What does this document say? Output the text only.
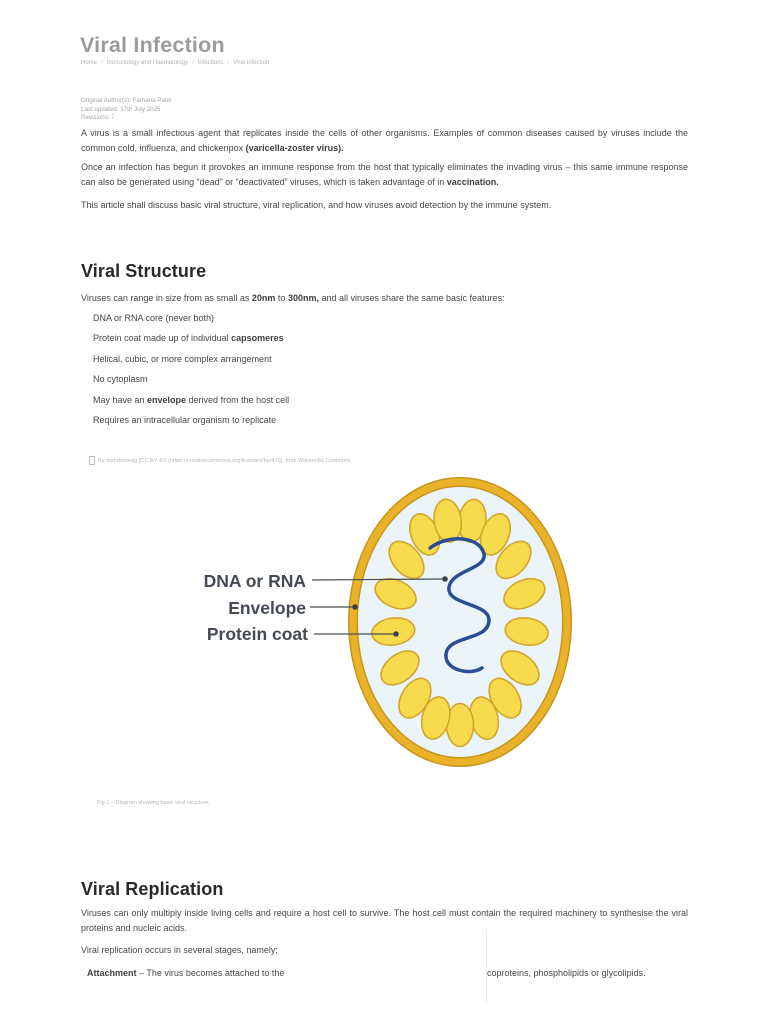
Viral Infection
Home / Immunology and Haematology / Infections / Viral Infection
Original Author(s): Farhana Patel
Last updated: 17th July 2025
Revisions: 7

A virus is a small infectious agent that replicates inside the cells of other organisms. Examples of common diseases caused by viruses include the common cold, influenza, and chickenpox (varicella-zoster virus).

Once an infection has begun it provokes an immune response from the host that typically eliminates the invading virus – this same immune response can also be generated using “dead” or “deactivated” viruses, which is taken advantage of in vaccination.

This article shall discuss basic viral structure, viral replication, and how viruses avoid detection by the immune system.

Viral Structure

Viruses can range in size from as small as 20nm to 300nm, and all viruses share the same basic features:

DNA or RNA core (never both)
Protein coat made up of individual capsomeres
Helical, cubic, or more complex arrangement
No cytoplasm
May have an envelope derived from the host cell
Requires an intracellular organism to replicate
By domdomegg [CC BY 4.0 (https://creativecommons.org/licenses/by/4.0)], from Wikimedia Commons
DNA or RNA
Envelope
Protein coat
Fig 1 – Diagram showing basic viral structure.
Viral Replication

Viruses can only multiply inside living cells and require a host cell to survive. The host cell must contain the required machinery to synthesise the viral proteins and nucleic acids.

Viral replication occurs in several stages, namely;

Attachment – The virus becomes attached to the	coproteins, phospholipids or glycolipids.
